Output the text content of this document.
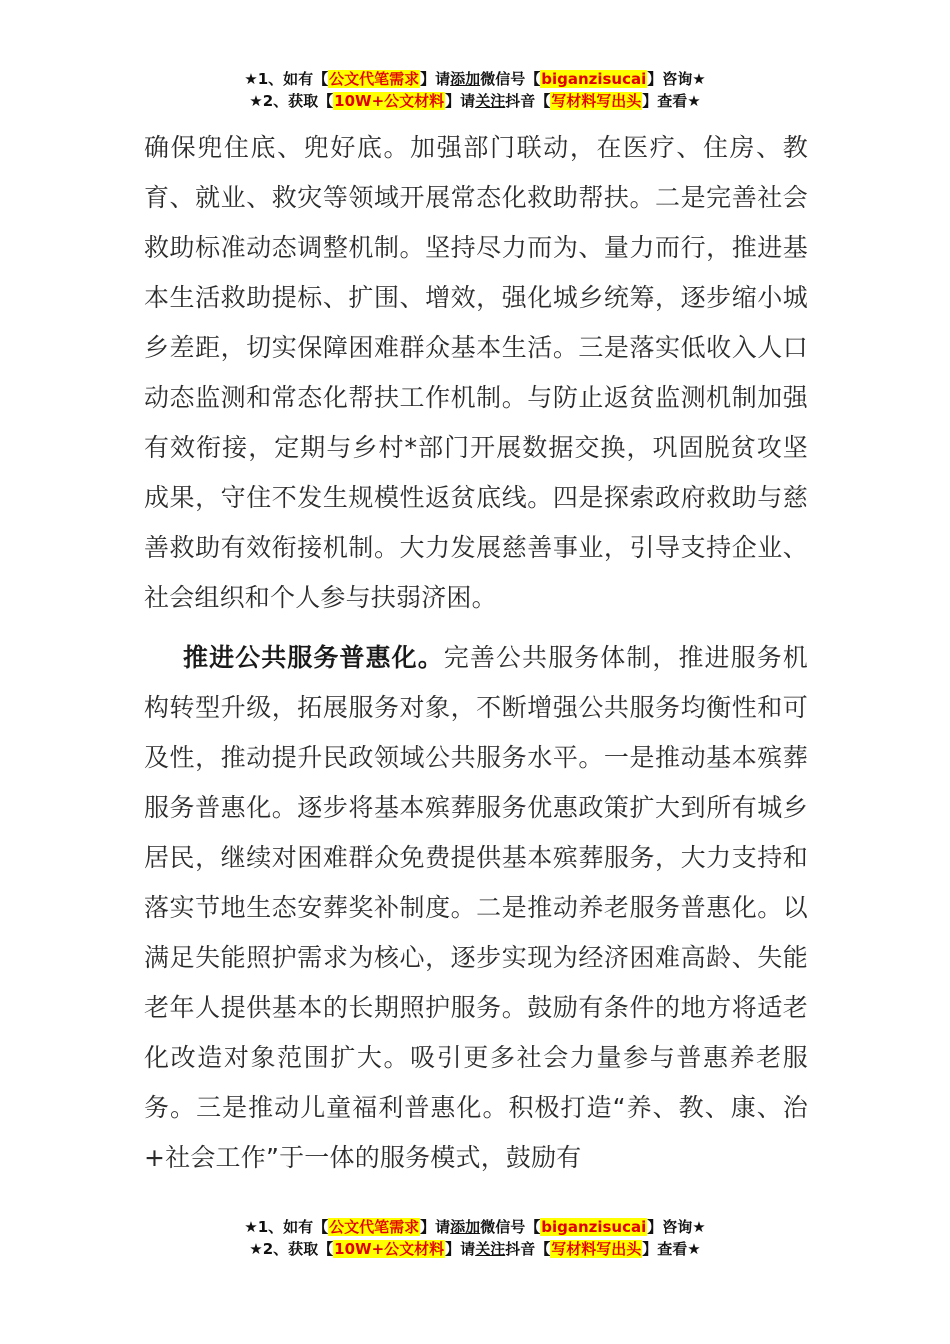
★1、如有【公文代笔需求】请添加微信号【biganzisucai】咨询★
★2、获取【10W+公文材料】请关注抖音【写材料写出头】查看★

确保兜住底、兜好底。加强部门联动，在医疗、住房、教育、就业、救灾等领域开展常态化救助帮扶。二是完善社会救助标准动态调整机制。坚持尽力而为、量力而行，推进基本生活救助提标、扩围、增效，强化城乡统筹，逐步缩小城乡差距，切实保障困难群众基本生活。三是落实低收入人口动态监测和常态化帮扶工作机制。与防止返贫监测机制加强有效衔接，定期与乡村*部门开展数据交换，巩固脱贫攻坚成果，守住不发生规模性返贫底线。四是探索政府救助与慈善救助有效衔接机制。大力发展慈善事业，引导支持企业、社会组织和个人参与扶弱济困。

推进公共服务普惠化。完善公共服务体制，推进服务机构转型升级，拓展服务对象，不断增强公共服务均衡性和可及性，推动提升民政领域公共服务水平。一是推动基本殡葬服务普惠化。逐步将基本殡葬服务优惠政策扩大到所有城乡居民，继续对困难群众免费提供基本殡葬服务，大力支持和落实节地生态安葬奖补制度。二是推动养老服务普惠化。以满足失能照护需求为核心，逐步实现为经济困难高龄、失能老年人提供基本的长期照护服务。鼓励有条件的地方将适老化改造对象范围扩大。吸引更多社会力量参与普惠养老服务。三是推动儿童福利普惠化。积极打造“养、教、康、治+社会工作”于一体的服务模式，鼓励有

★1、如有【公文代笔需求】请添加微信号【biganzisucai】咨询★
★2、获取【10W+公文材料】请关注抖音【写材料写出头】查看★
